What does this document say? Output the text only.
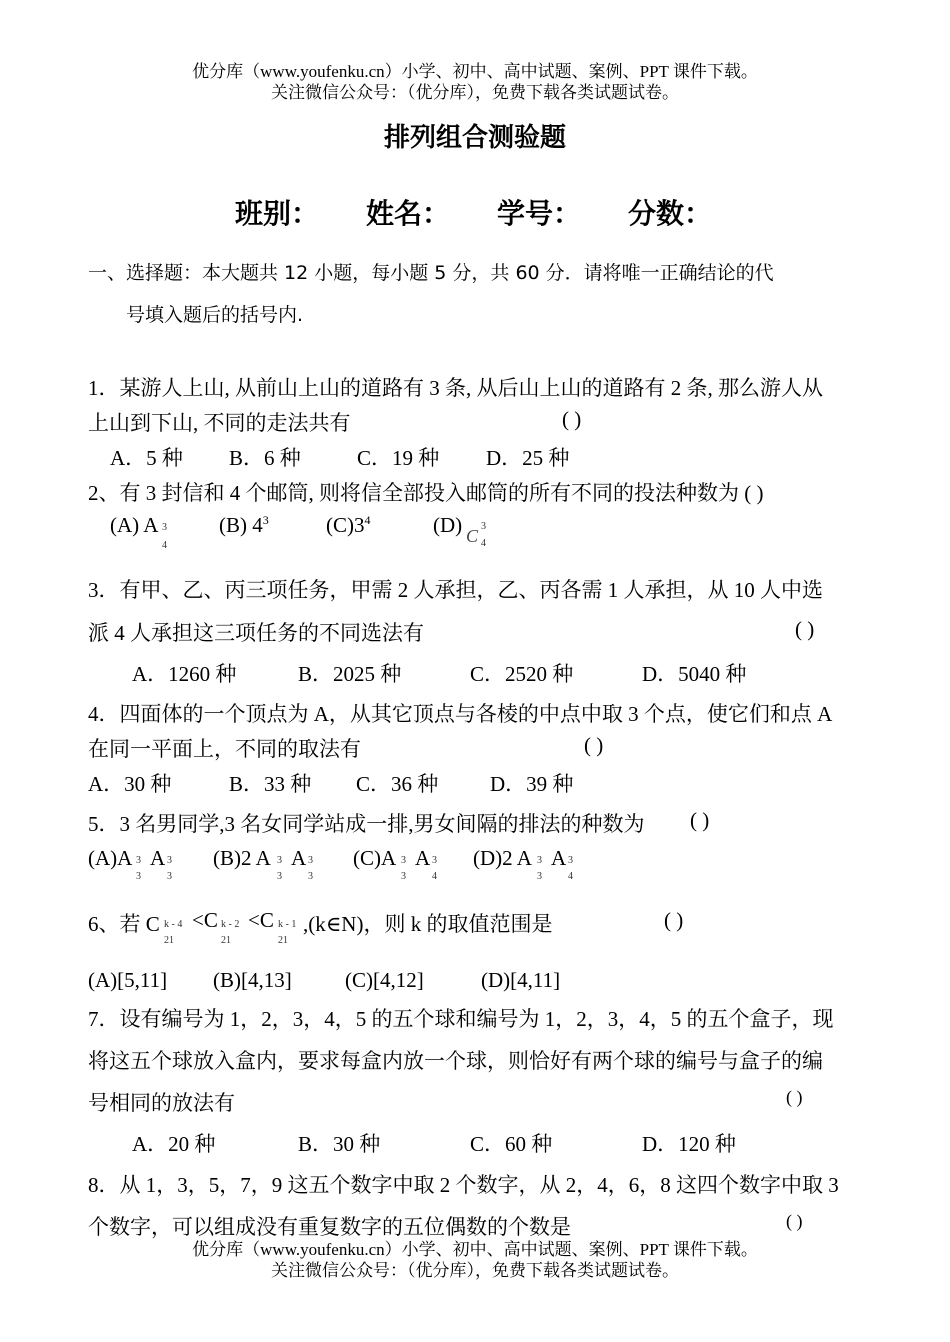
优分库（www.youfenku.cn）小学、初中、高中试题、案例、PPT 课件下载。
关注微信公众号：（优分库），免费下载各类试题试卷。
排列组合测验题
班别： 姓名： 学号： 分数：
一、选择题：本大题共 12 小题，每小题 5 分，共 60 分．请将唯一正确结论的代
号填入题后的括号内.
1．某游人上山, 从前山上山的道路有 3 条, 从后山上山的道路有 2 条, 那么游人从
上山到下山, 不同的走法共有	( )
A．5 种 B．6 种	C．19 种 D．25 种
2、有 3 封信和 4 个邮筒, 则将信全部投入邮筒的所有不同的投法种数为 ( )
(A) A 3
4
(B) $4^3$	$(C)3^4$	(D) C 3
4
3．有甲、乙、丙三项任务，甲需 2 人承担，乙、丙各需 1 人承担，从 10 人中选
派 4 人承担这三项任务的不同选法有	( )
A．1260 种	B．2025 种	C．2520 种	D．5040 种
4．四面体的一个顶点为 A，从其它顶点与各棱的中点中取 3 个点，使它们和点 A
在同一平面上，不同的取法有	( )
A．30 种	B．33 种 C．36 种 D．39 种
5．3 名男同学,3 名女同学站成一排,男女间隔的排法的种数为 ( )
(A)A 3
3
A 3
3
(B)2 A 3
3
A 3
3
(C)A 3
3
A 3
4
(D)2 A 3
3
A 3
4
6、若 C k - 4
21
<C k - 2
21
<C k - 1
21
,(k∈N)，则 k 的取值范围是	( )
(A)[5,11] (B)[4,13]	(C)[4,12]	(D)[4,11]
7．设有编号为 1，2，3，4，5 的五个球和编号为 1，2，3，4，5 的五个盒子，现
将这五个球放入盒内，要求每盒内放一个球，则恰好有两个球的编号与盒子的编
号相同的放法有	( )
A．20 种	B．30 种	C．60 种	D．120 种
8．从 1，3，5，7，9 这五个数字中取 2 个数字，从 2，4，6，8 这四个数字中取 3
个数字，可以组成没有重复数字的五位偶数的个数是	( )
优分库（www.youfenku.cn）小学、初中、高中试题、案例、PPT 课件下载。
关注微信公众号：（优分库），免费下载各类试题试卷。
